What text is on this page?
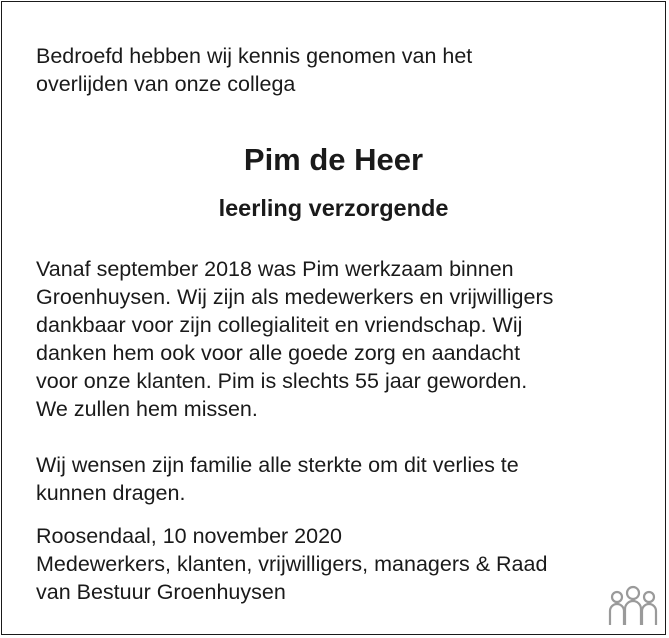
Bedroefd hebben wij kennis genomen van het
overlijden van onze collega

Pim de Heer
leerling verzorgende

Vanaf september 2018 was Pim werkzaam binnen
Groenhuysen. Wij zijn als medewerkers en vrijwilligers
dankbaar voor zijn collegialiteit en vriendschap. Wij
danken hem ook voor alle goede zorg en aandacht
voor onze klanten. Pim is slechts 55 jaar geworden.
We zullen hem missen.

Wij wensen zijn familie alle sterkte om dit verlies te
kunnen dragen.

Roosendaal, 10 november 2020

Medewerkers, klanten, vrijwilligers, managers & Raad
van Bestuur Groenhuysen
